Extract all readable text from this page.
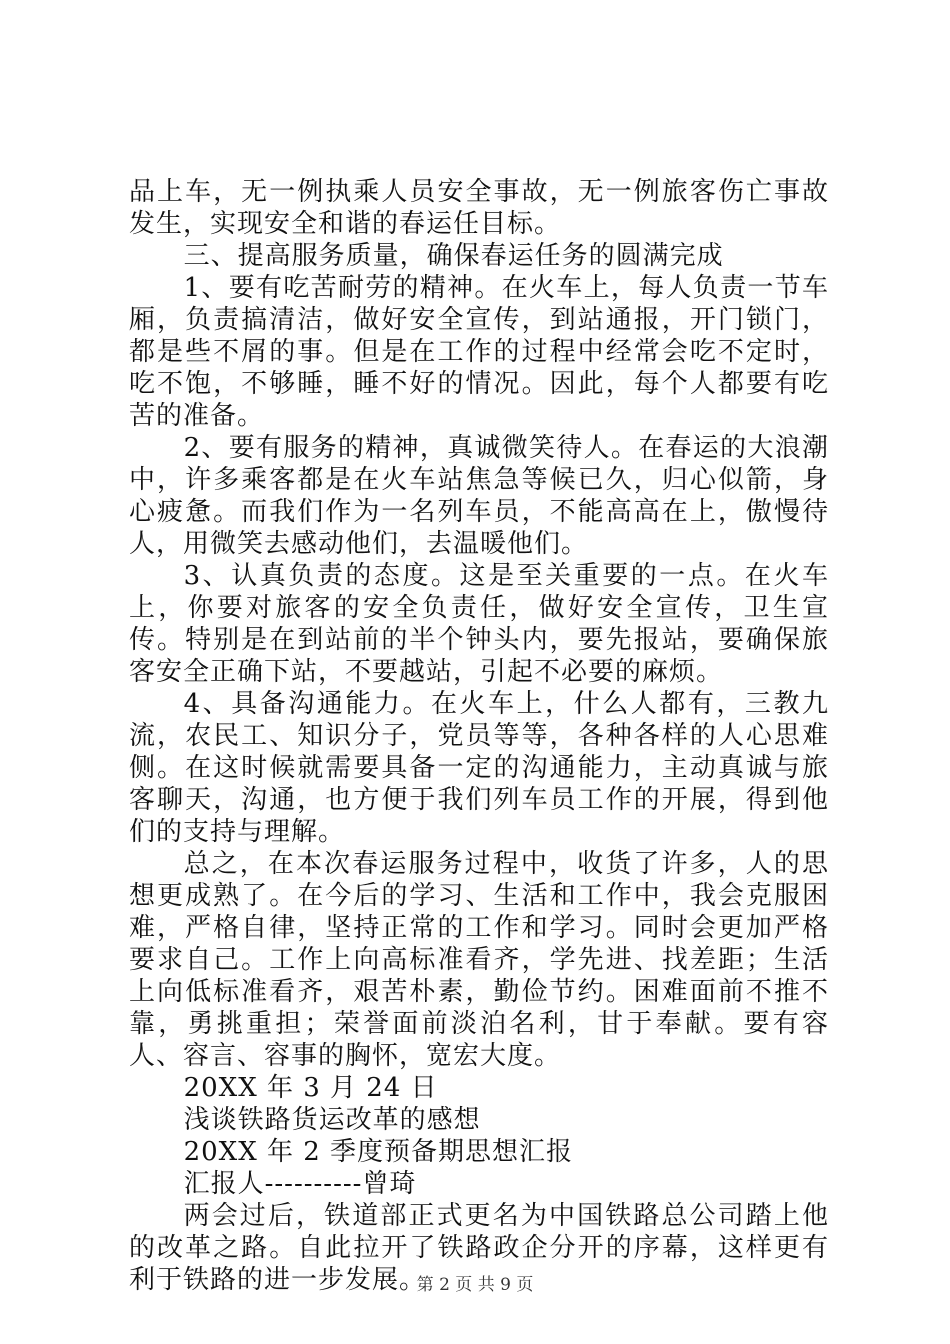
品上车，无一例执乘人员安全事故，无一例旅客伤亡事故发生，实现安全和谐的春运任目标。

三、提高服务质量，确保春运任务的圆满完成

1、要有吃苦耐劳的精神。在火车上，每人负责一节车厢，负责搞清洁，做好安全宣传，到站通报，开门锁门，都是些不屑的事。但是在工作的过程中经常会吃不定时，吃不饱，不够睡，睡不好的情况。因此，每个人都要有吃苦的准备。

2、要有服务的精神，真诚微笑待人。在春运的大浪潮中，许多乘客都是在火车站焦急等候已久，归心似箭，身心疲惫。而我们作为一名列车员，不能高高在上，傲慢待人，用微笑去感动他们，去温暖他们。

3、认真负责的态度。这是至关重要的一点。在火车上，你要对旅客的安全负责任，做好安全宣传，卫生宣传。特别是在到站前的半个钟头内，要先报站，要确保旅客安全正确下站，不要越站，引起不必要的麻烦。

4、具备沟通能力。在火车上，什么人都有，三教九流，农民工、知识分子，党员等等，各种各样的人心思难侧。在这时候就需要具备一定的沟通能力，主动真诚与旅客聊天，沟通，也方便于我们列车员工作的开展，得到他们的支持与理解。

总之，在本次春运服务过程中，收货了许多，人的思想更成熟了。在今后的学习、生活和工作中，我会克服困难，严格自律，坚持正常的工作和学习。同时会更加严格要求自己。工作上向高标准看齐，学先进、找差距；生活上向低标准看齐，艰苦朴素，勤俭节约。困难面前不推不靠，勇挑重担；荣誉面前淡泊名利，甘于奉献。要有容人、容言、容事的胸怀，宽宏大度。

20XX 年 3 月 24 日

浅谈铁路货运改革的感想

20XX 年 2 季度预备期思想汇报

汇报人----------曾琦

两会过后，铁道部正式更名为中国铁路总公司踏上他的改革之路。自此拉开了铁路政企分开的序幕，这样更有利于铁路的进一步发展。

第 2 页 共 9 页
